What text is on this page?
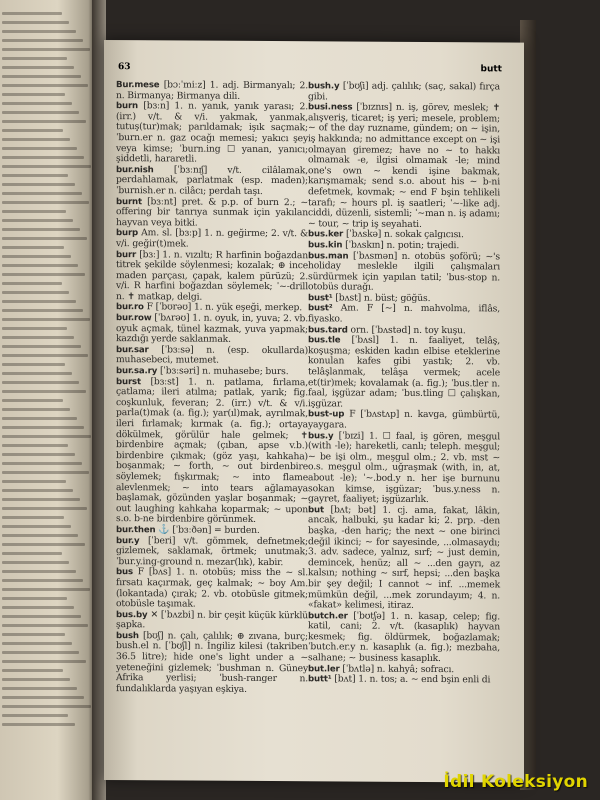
63	butt

Bur.mese [bɔːˈmiːz] 1. adj. Birmanyalı; 2. n. Birmanya; Birmanya dili.

burn [bɜːn] 1. n. yanık, yanık yarası; 2. (irr.) v/t. & v/i. yakmak, yanmak, tutuş(tur)mak; parıldamak; işık saçmak; ˈburn.er n. gaz ocağı memesi; yakıcı şey veya kimse; ˈburn.ing ☐ yanan, yanıcı; şiddetli, hararetli.

bur.nish [ˈbɜːnɪʃ] v/t. cilâlamak, perdahlamak, parlatmak (esp. maden); ˈburnish.er n. cilâcı; perdah taşı.

burnt [bɜːnt] pret. & p.p. of burn 2.; ~ offering bir tanrıya sunmak için yakılan hayvan veya bitki.

burp Am. sl. [bɜːp] 1. n. geğirme; 2. v/t. & v/i. geğir(t)mek.

burr [bɜː] 1. n. vızıltı; R harfinin boğazdan titrek şekilde söylenmesi; kozalak; ⊕ ince maden parçası, çapak, kalem pürüzü; 2. v/i. R harfini boğazdan söylemek; ˈ~-drill n. ✝ matkap, delgi.

bur.ro F [ˈbʊrəʊ] 1. n. yük eşeği, merkep.

bur.row [ˈbʌrəʊ] 1. n. oyuk, in, yuva; 2. vb. oyuk açmak, tünel kazmak, yuva yapmak; kazdığı yerde saklanmak.

bur.sar [ˈbɜːsə] n. (esp. okullarda) muhasebeci, mutemet.

bur.sa.ry [ˈbɜːsəri] n. muhasebe; burs.

burst [bɜːst] 1. n. patlama, fırlama, çatlama; ileri atılma; patlak, yarık; fig. coşkunluk, feveran; 2. (irr.) v/t. & v/i. parla(t)mak (a. fig.); yar(ıl)mak, ayrılmak, ileri fırlamak; kırmak (a. fig.); ortaya dökülmek, görülür hale gelmek; ✝ birdenbire açmak; (çıban, apse v.b.) birdenbire çıkmak; (göz yaşı, kahkaha) boşanmak; ~ forth, ~ out birdenbire söylemek; fışkırmak; ~ into flame alevlenmek; ~ into tears ağlamaya başlamak, gözünden yaşlar boşanmak; ~ out laughing kahkaha koparmak; ~ upon s.o. b-ne birdenbire görünmek.

bur.then ⚓ [ˈbɜːðən] = burden.

bur.y [ˈberi] v/t. gömmek, defnetmek; gizlemek, saklamak, örtmek; unutmak; ˈbur.y.ing-ground n. mezar(lık), kabir.

bus F [bʌs] 1. n. otobüs; miss the ~ sl. fırsatı kaçırmak, geç kalmak; ~ boy Am. (lokantada) çırak; 2. vb. otobüsle gitmek; otobüsle taşımak.

bus.by ✕ [ˈbʌzbi] n. bir çeşit küçük kürklü şapka.

bush [bʊʃ] n. çalı, çalılık; ⊕ zıvana, burç; bush.el n. [ˈbʊʃl] n. İngiliz kilesi (takriben 36.5 litre); hide one's light under a ~ yeteneğini gizlemek; ˈbushman n. Güney Afrika yerlisi; ˈbush-ranger n. fundalıklarda yaşıyan eşkiya.

bush.y [ˈbʊʃi] adj. çalılık; (saç, sakal) fırça gibi.

busi.ness [ˈbɪznɪs] n. iş, görev, meslek; ✝ alışveriş, ticaret; iş yeri; mesele, problem; ~ of the day ruzname, gündem; on ~ işin, iş hakkında; no admittance except on ~ işi olmayan giremez; have no ~ to hakkı olmamak -e, ilgisi olmamak -le; mind one's own ~ kendi işine bakmak, karışmamak; send s.o. about his ~ b-ni defetmek, kovmak; ~ end F bşin tehlikeli tarafı; ~ hours pl. iş saatleri; ˈ~-like adj. ciddi, düzenli, sistemli; ˈ~man n. iş adamı; ~ tour, ~ trip iş seyahati.

bus.ker [ˈbʌskə] n. sokak çalgıcısı.

bus.kin [ˈbʌskɪn] n. potin; trajedi.

bus.man [ˈbʌsmən] n. otobüs şoförü; ~'s holiday meslekle ilgili çalışmaları sürdürmek için yapılan tatil; ˈbus-stop n. otobüs durağı.

bust¹ [bʌst] n. büst; göğüs.

bust² Am. F [~] n. mahvolma, iflâs, fiyasko.

bus.tard orn. [ˈbʌstəd] n. toy kuşu.

bus.tle [ˈbʌsl] 1. n. faaliyet, telâş, koşuşma; eskiden kadın elbise eteklerine konulan kafes gibi yastık; 2. vb. telâşlanmak, telâşa vermek; acele et(tir)mek; kovalamak (a. fig.); ˈbus.tler n. faal, işgüzar adam; ˈbus.tling ☐ çalışkan, işgüzar.

bust-up F [ˈbʌstʌp] n. kavga, gümbürtü, yaygara.

bus.y [ˈbɪzi] 1. ☐ faal, iş gören, meşgul (with -le); hareketli, canlı; teleph. meşgul; ~ be işi olm., meşgul olm.; 2. vb. mst ~ o.s. meşgul olm., uğraşmak (with, in, at, about -le); ˈ~.bod.y n. her işe burnunu sokan kimse, işgüzar; ˈbus.y.ness n. gayret, faaliyet; işgüzarlık.

but [bʌt; bət] 1. cj. ama, fakat, lâkin, ancak, halbuki, şu kadar ki; 2. prp. -den başka, -den hariç; the next ~ one birinci değil ikinci; ~ for sayesinde, ...olmasaydı; 3. adv. sadece, yalnız, sırf; ~ just demin, demincek, henüz; all ~ ...den gayrı, az kalsın; nothing ~ sırf, hepsi; ...den başka bir şey değil; I cannot ~ inf. ...memek mümkün değil, ...mek zorundayım; 4. n. «fakat» kelimesi, itiraz.

butch.er [ˈbʊtʃə] 1. n. kasap, celep; fig. katil, cani; 2. v/t. (kasaplık) hayvan kesmek; fig. öldürmek, boğazlamak; ˈbutch.er.y n. kasaplık (a. fig.); mezbaha, salhane; ~ business kasaplık.

but.ler [ˈbʌtlə] n. kahyâ; sofracı.

butt¹ [bʌt] 1. n. tos; a. ~ end bşin enli di

İdil Koleksiyon
